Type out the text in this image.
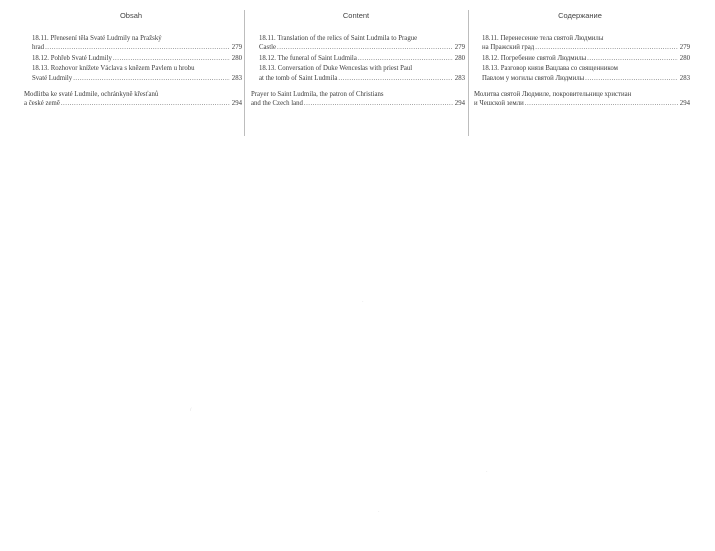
Obsah
18.11. Přenesení těla Svaté Ludmily na Pražský
hrad .....	279
18.12. Pohřeb Svaté Ludmily .....	280
18.13. Rozhovor knížete Václava s knězem Pavlem u hrobu
Svaté Ludmily .....	283
Modlitba ke svaté Ludmile, ochránkyně křesťanů
a české země .....	294
Content
18.11. Translation of the relics of Saint Ludmila to Prague
Castle .....	279
18.12. The funeral of Saint Ludmila .....	280
18.13. Conversation of Duke Wenceslas with priest Paul
at the tomb of Saint Ludmila .....	283
Prayer to Saint Ludmila, the patron of Christians
and the Czech land .....	294
Содержание
18.11. Перенесение тела святой Людмилы
на Пражский град .....	279
18.12. Погребение святой Людмилы .....	280
18.13. Разговор князя Вацлава со священником
Павлом у могилы святой Людмилы .....	283
Молитва святой Людмиле, покровительнице христиан
и Чешской земли .....	294
/
·
·
·
